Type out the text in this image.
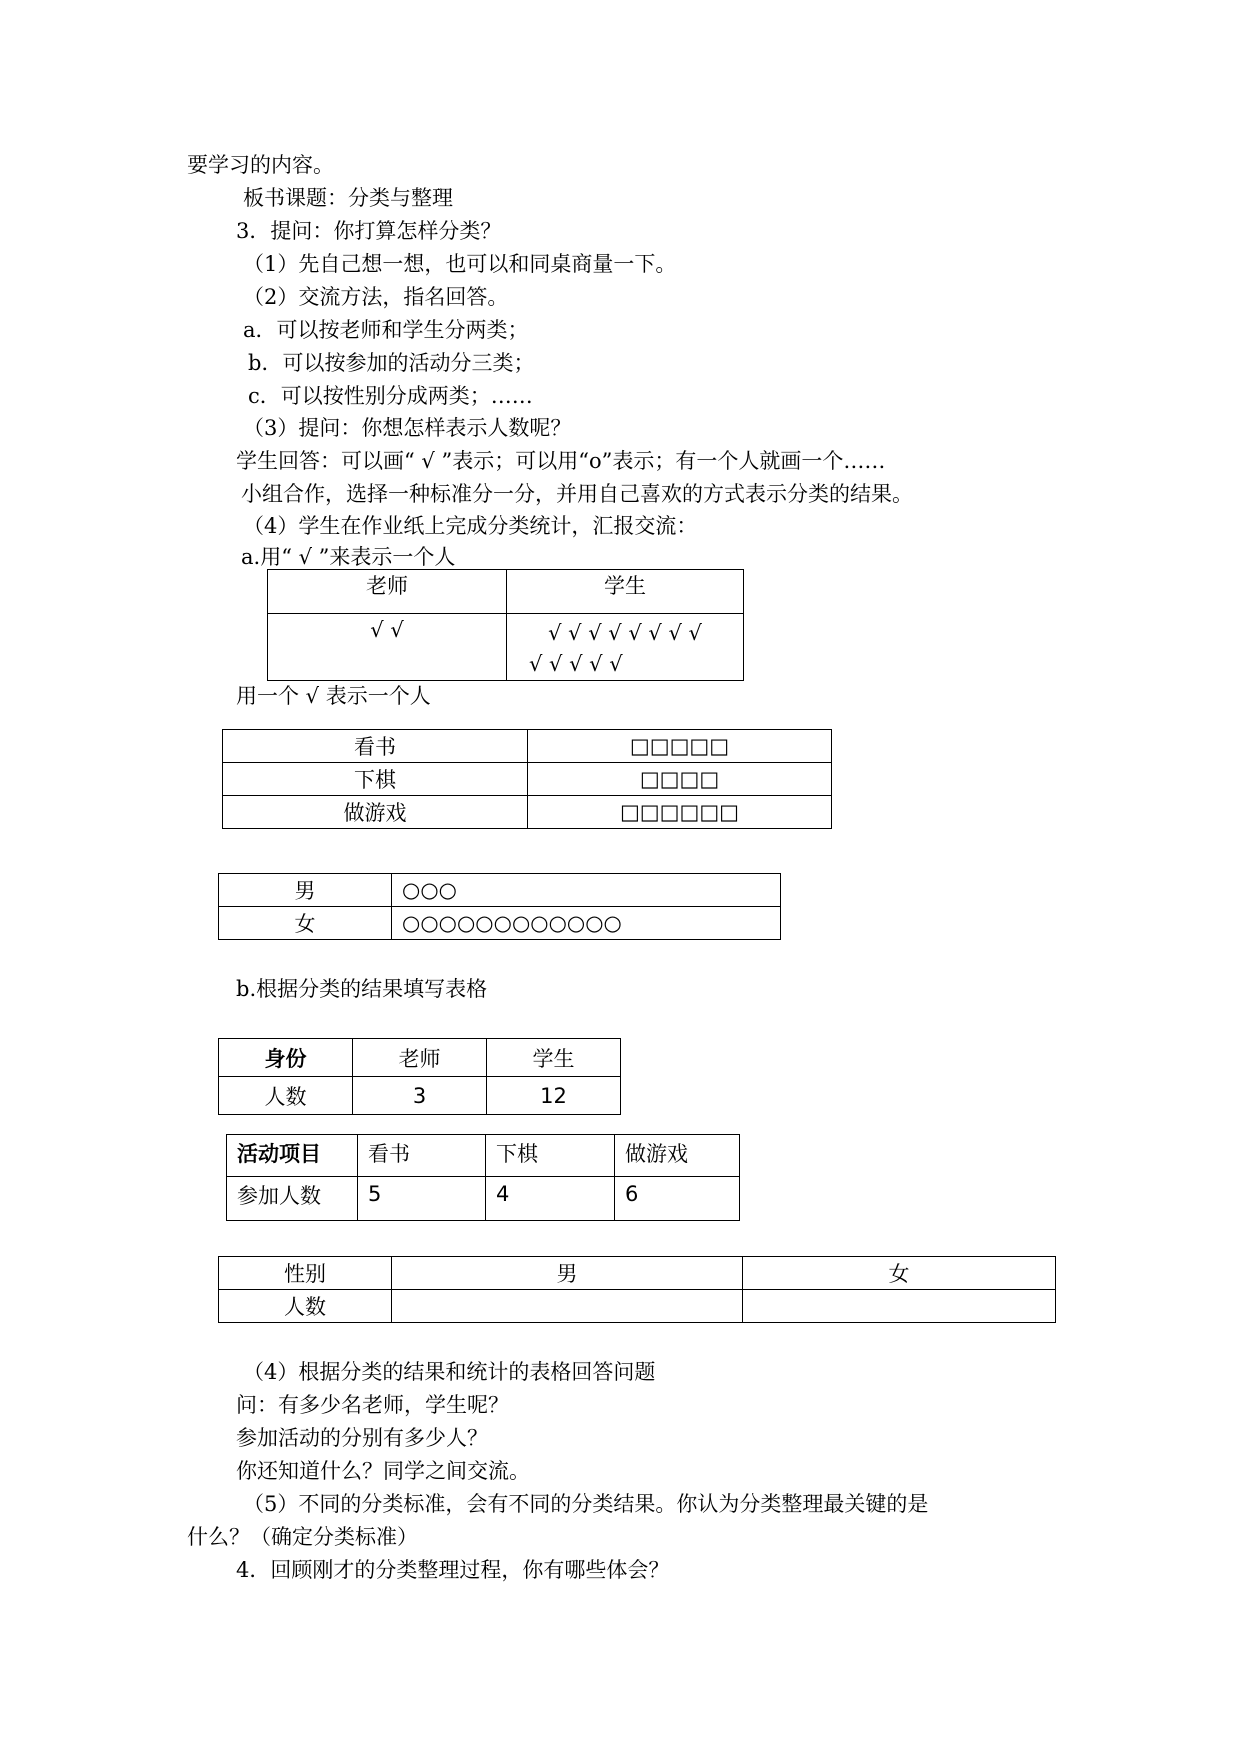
要学习的内容。
板书课题：分类与整理
3．提问：你打算怎样分类？
（1）先自己想一想，也可以和同桌商量一下。
（2）交流方法，指名回答。
a．可以按老师和学生分两类；
b．可以按参加的活动分三类；
c．可以按性别分成两类；……
（3）提问：你想怎样表示人数呢？
学生回答：可以画“ √ ”表示；可以用“o”表示；有一个人就画一个……
小组合作，选择一种标准分一分，并用自己喜欢的方式表示分类的结果。
（4）学生在作业纸上完成分类统计，汇报交流：
a.用“ √ ”来表示一个人
老师	学生
√ √	√ √ √ √ √ √ √ √
√ √ √ √ √
用一个 √ 表示一个人
看书	□□□□□
下棋	□□□□
做游戏	□□□□□□
男	○○○
女	○○○○○○○○○○○○
b.根据分类的结果填写表格
身份	老师	学生
人数	3	12
活动项目	看书	下棋	做游戏
参加人数	5	4	6
性别	男	女
人数		
（4）根据分类的结果和统计的表格回答问题
问：有多少名老师，学生呢？
参加活动的分别有多少人？
你还知道什么？同学之间交流。
（5）不同的分类标准，会有不同的分类结果。你认为分类整理最关键的是
什么？（确定分类标准）
4．回顾刚才的分类整理过程，你有哪些体会？
